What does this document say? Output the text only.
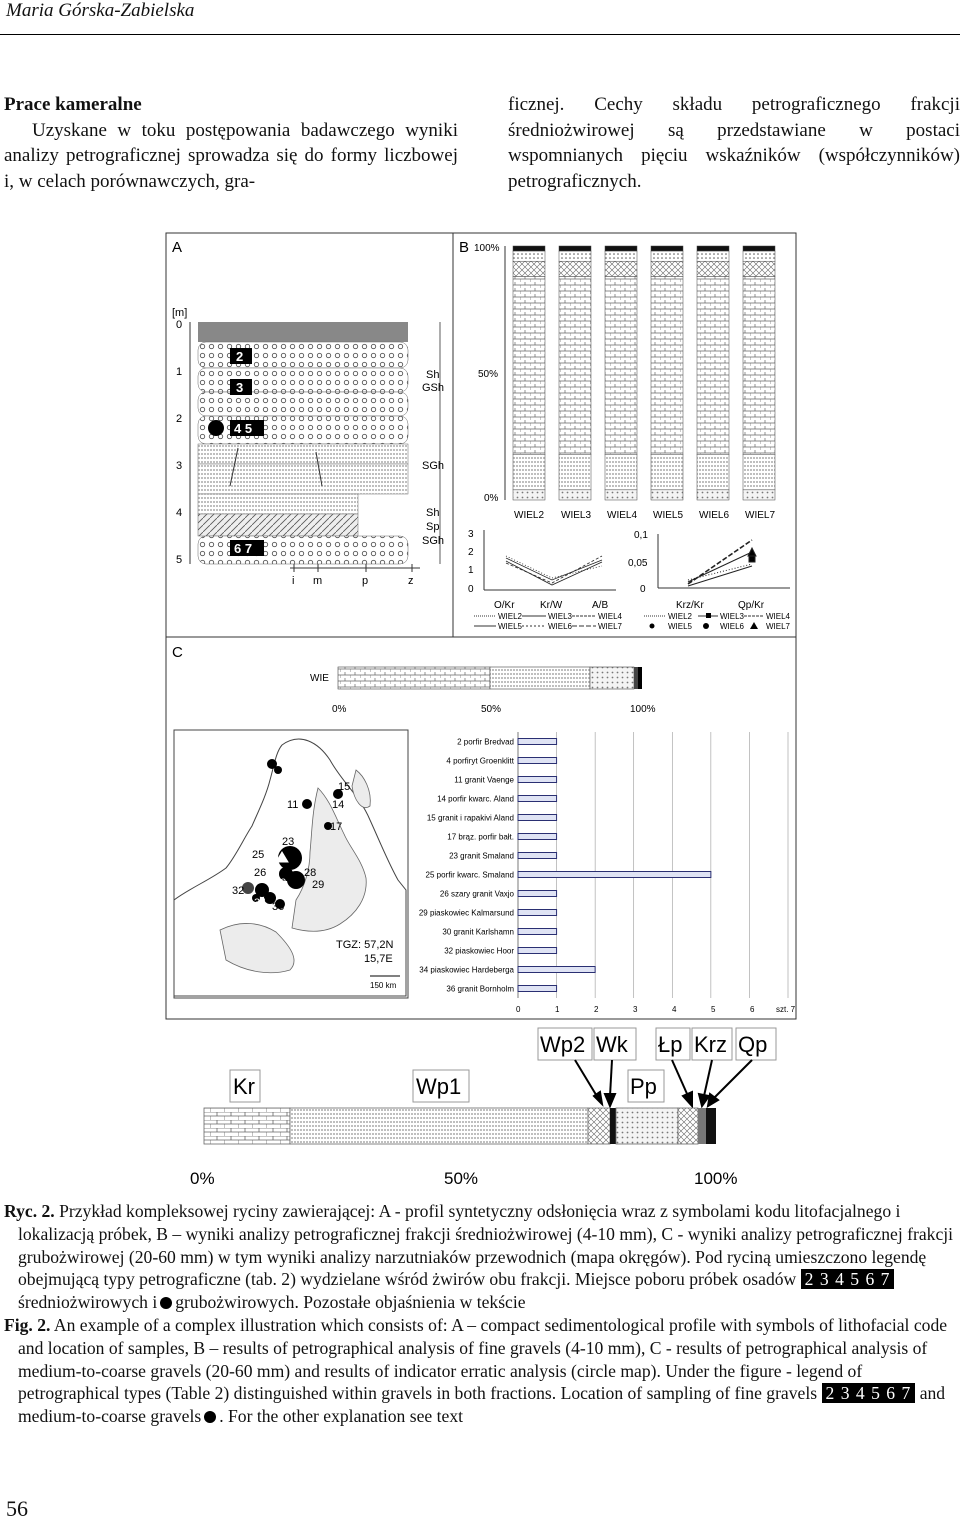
Maria Górska-Zabielska
Prace kameralne
Uzyskane w toku postępowania badawczego wyniki analizy petrograficznej sprowadza się do formy liczbowej i, w celach porównawczych, gra-
ficznej. Cechy składu petrograficznego frakcji średniożwirowej są przedstawiane w postaci wspomnianych pięciu wskaźników (współczynników) petrograficznych.
A
[m]
0
1
2
3
4
5
2
3
4 5
6 7
Sh
GSh
SGh
Sh
Sp
SGh
i m	p	z
B 100%
50%
0%
WIEL2 WIEL3 WIEL4 WIEL5 WIEL6 WIEL7
3
2
1
0
O/Kr	Kr/W	A/B
0,1
0,05
0
Krz/Kr	Qp/Kr
WIEL2	WIEL3	WIEL4
WIEL5	WIEL6	WIEL7
WIEL2	WIEL3	WIEL4
WIEL5	WIEL6	WIEL7
C
WIE
0%	50%	100%
15
11	14
17
23
25
26	28
29
30
32
34 36
TGZ: 57,2N
15,7E
150 km
2 porfir Bredvad
4 porfiryt Groenklitt
11 granit Vaenge
14 porfir kwarc. Aland
15 granit i rapakivi Aland
17 brąz. porfir bałt.
23 granit Smaland
25 porfir kwarc. Smaland
26 szary granit Vaxjo
29 piaskowiec Kalmarsund
30 granit Karlshamn
32 piaskowiec Hoor
34 piaskowiec Hardeberga
36 granit Bornholm
0	1	2	3	4	5	6	szt. 7
Kr	Wp1
Wp2 Wk
Pp
Łp Krz Qp
0%	50%	100%

Ryc. 2. Przykład kompleksowej ryciny zawierającej: A - profil syntetyczny odsłonięcia wraz z symbolami kodu litofacjalnego i lokalizacją próbek, B – wyniki analizy petrograficznej frakcji średniożwirowej (4-10 mm), C - wyniki analizy petrograficznej frakcji grubożwirowej (20-60 mm) w tym wyniki analizy narzutniaków przewodnich (mapa okręgów). Pod ryciną umieszczono legendę obejmującą typy petrograficzne (tab. 2) wydzielane wśród żwirów obu frakcji. Miejsce poboru próbek osadów 2 3 4 5 6 7 średniożwirowych i grubożwirowych. Pozostałe objaśnienia w tekście

Fig. 2. An example of a complex illustration which consists of: A – compact sedimentological profile with symbols of lithofacial code and location of samples, B – results of petrographical analysis of fine gravels (4-10 mm), C - results of petrographical analysis of medium-to-coarse gravels (20-60 mm) and results of indicator erratic analysis (circle map). Under the figure - legend of petrographical types (Table 2) distinguished within gravels in both fractions. Location of sampling of fine gravels 2 3 4 5 6 7 and medium-to-coarse gravels . For the other explanation see text

56
